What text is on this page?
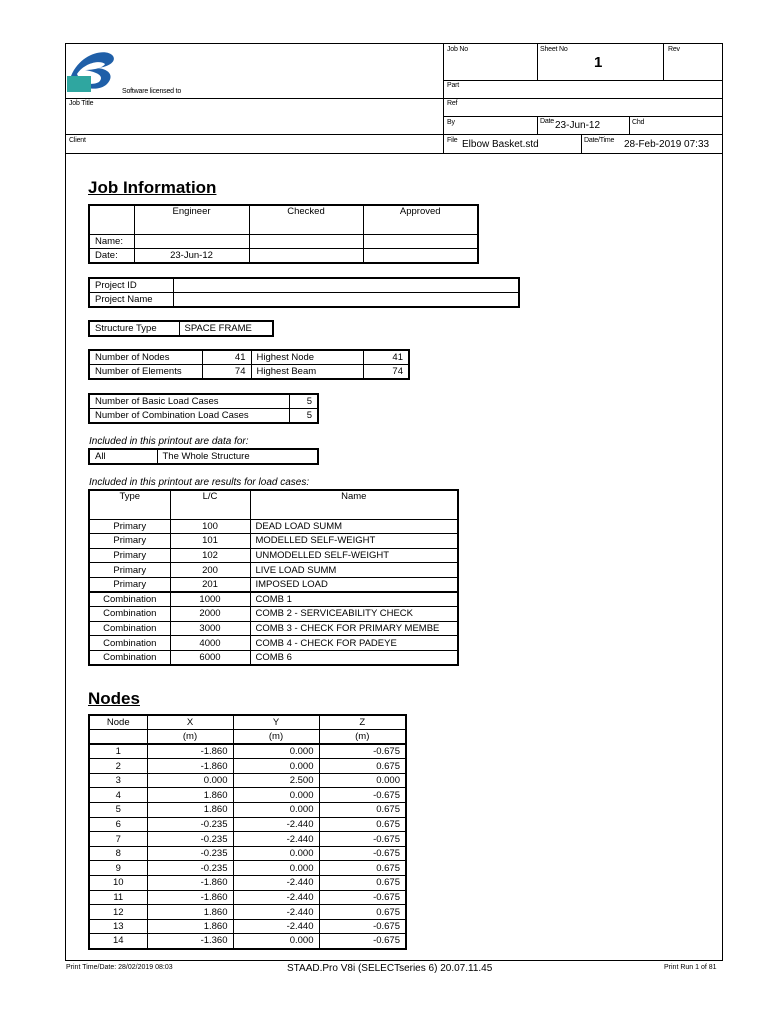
Software licensed to
Job Title
Client
Job No	Sheet No
1
Rev
Part
Ref
By	Date 23-Jun-12	Chd
File Elbow Basket.std	Date/Time 28-Feb-2019 07:33
Job Information
	Engineer	Checked	Approved
Name:			
Date:	23-Jun-12		
Project ID	
Project Name	
Structure Type	SPACE FRAME
Number of Nodes	41	Highest Node	41
Number of Elements	74	Highest Beam	74
Number of Basic Load Cases	5
Number of Combination Load Cases	5
Included in this printout are data for:
All	The Whole Structure
Included in this printout are results for load cases:
Type	L/C	Name
Primary	100	DEAD LOAD SUMM
Primary	101	MODELLED SELF-WEIGHT
Primary	102	UNMODELLED SELF-WEIGHT
Primary	200	LIVE LOAD SUMM
Primary	201	IMPOSED LOAD
Combination	1000	COMB 1
Combination	2000	COMB 2 - SERVICEABILITY CHECK
Combination	3000	COMB 3 - CHECK FOR PRIMARY MEMBE
Combination	4000	COMB 4 - CHECK FOR PADEYE
Combination	6000	COMB 6
Nodes
Node	X	Y	Z
	(m)	(m)	(m)
1	-1.860	0.000	-0.675
2	-1.860	0.000	0.675
3	0.000	2.500	0.000
4	1.860	0.000	-0.675
5	1.860	0.000	0.675
6	-0.235	-2.440	0.675
7	-0.235	-2.440	-0.675
8	-0.235	0.000	-0.675
9	-0.235	0.000	0.675
10	-1.860	-2.440	0.675
11	-1.860	-2.440	-0.675
12	1.860	-2.440	0.675
13	1.860	-2.440	-0.675
14	-1.360	0.000	-0.675
Print Time/Date: 28/02/2019 08:03	STAAD.Pro V8i (SELECTseries 6) 20.07.11.45	Print Run 1 of 81
